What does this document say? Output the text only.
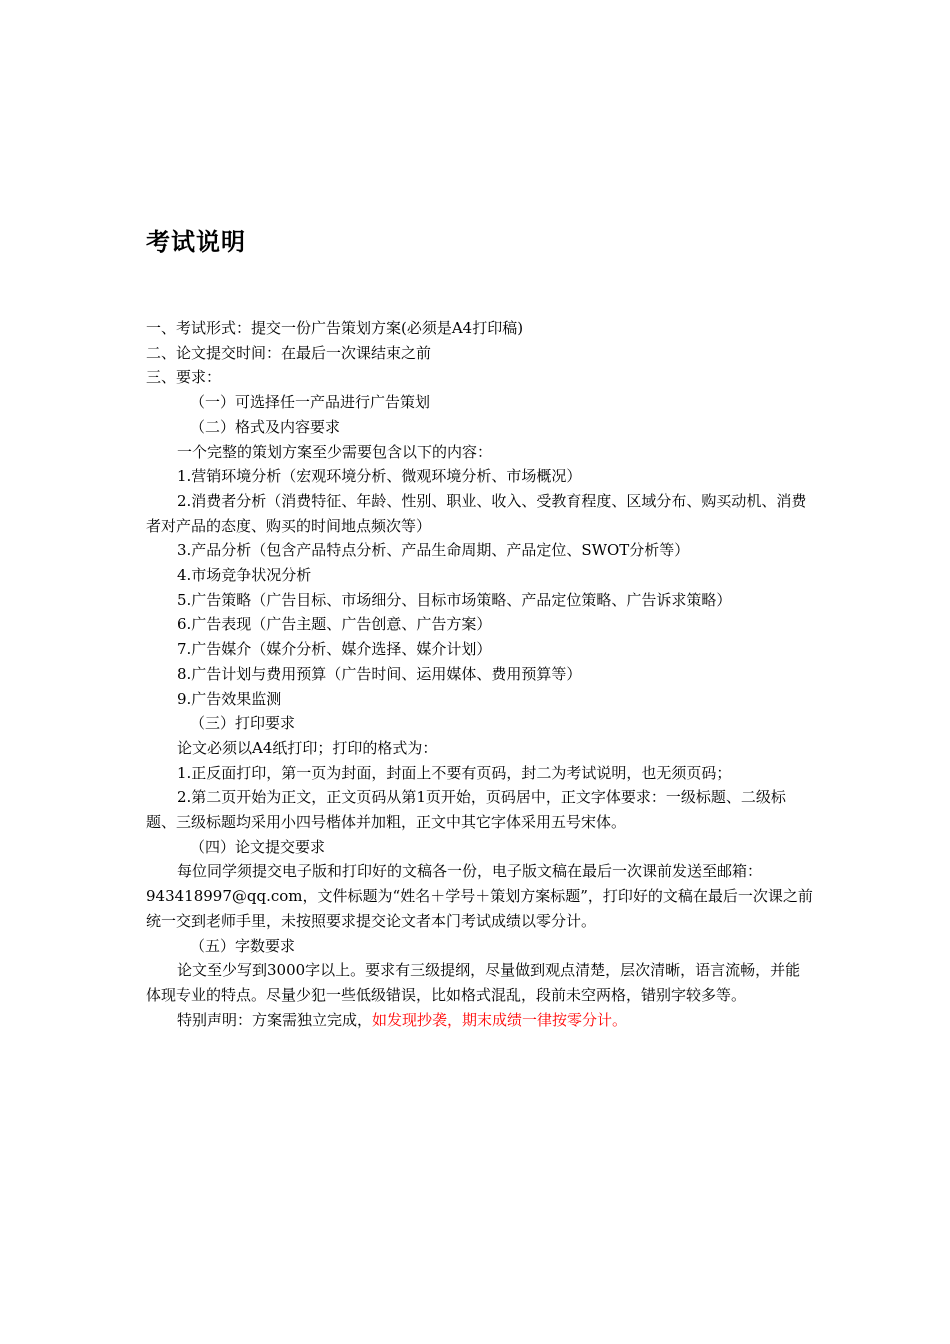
考试说明
一、考试形式：提交一份广告策划方案(必须是A4打印稿)
二、论文提交时间：在最后一次课结束之前
三、要求：
（一）可选择任一产品进行广告策划
（二）格式及内容要求
一个完整的策划方案至少需要包含以下的内容：
1.营销环境分析（宏观环境分析、微观环境分析、市场概况）
2.消费者分析（消费特征、年龄、性别、职业、收入、受教育程度、区域分布、购买动机、消费者对产品的态度、购买的时间地点频次等）
3.产品分析（包含产品特点分析、产品生命周期、产品定位、SWOT分析等）
4.市场竞争状况分析
5.广告策略（广告目标、市场细分、目标市场策略、产品定位策略、广告诉求策略）
6.广告表现（广告主题、广告创意、广告方案）
7.广告媒介（媒介分析、媒介选择、媒介计划）
8.广告计划与费用预算（广告时间、运用媒体、费用预算等）
9.广告效果监测
（三）打印要求
论文必须以A4纸打印；打印的格式为：
1.正反面打印，第一页为封面，封面上不要有页码，封二为考试说明，也无须页码；
2.第二页开始为正文，正文页码从第1页开始，页码居中，正文字体要求：一级标题、二级标题、三级标题均采用小四号楷体并加粗，正文中其它字体采用五号宋体。
（四）论文提交要求
每位同学须提交电子版和打印好的文稿各一份，电子版文稿在最后一次课前发送至邮箱：943418997@qq.com，文件标题为“姓名＋学号＋策划方案标题”，打印好的文稿在最后一次课之前统一交到老师手里，未按照要求提交论文者本门考试成绩以零分计。
（五）字数要求
论文至少写到3000字以上。要求有三级提纲，尽量做到观点清楚，层次清晰，语言流畅，并能体现专业的特点。尽量少犯一些低级错误，比如格式混乱，段前未空两格，错别字较多等。
特别声明：方案需独立完成，如发现抄袭，期末成绩一律按零分计。
